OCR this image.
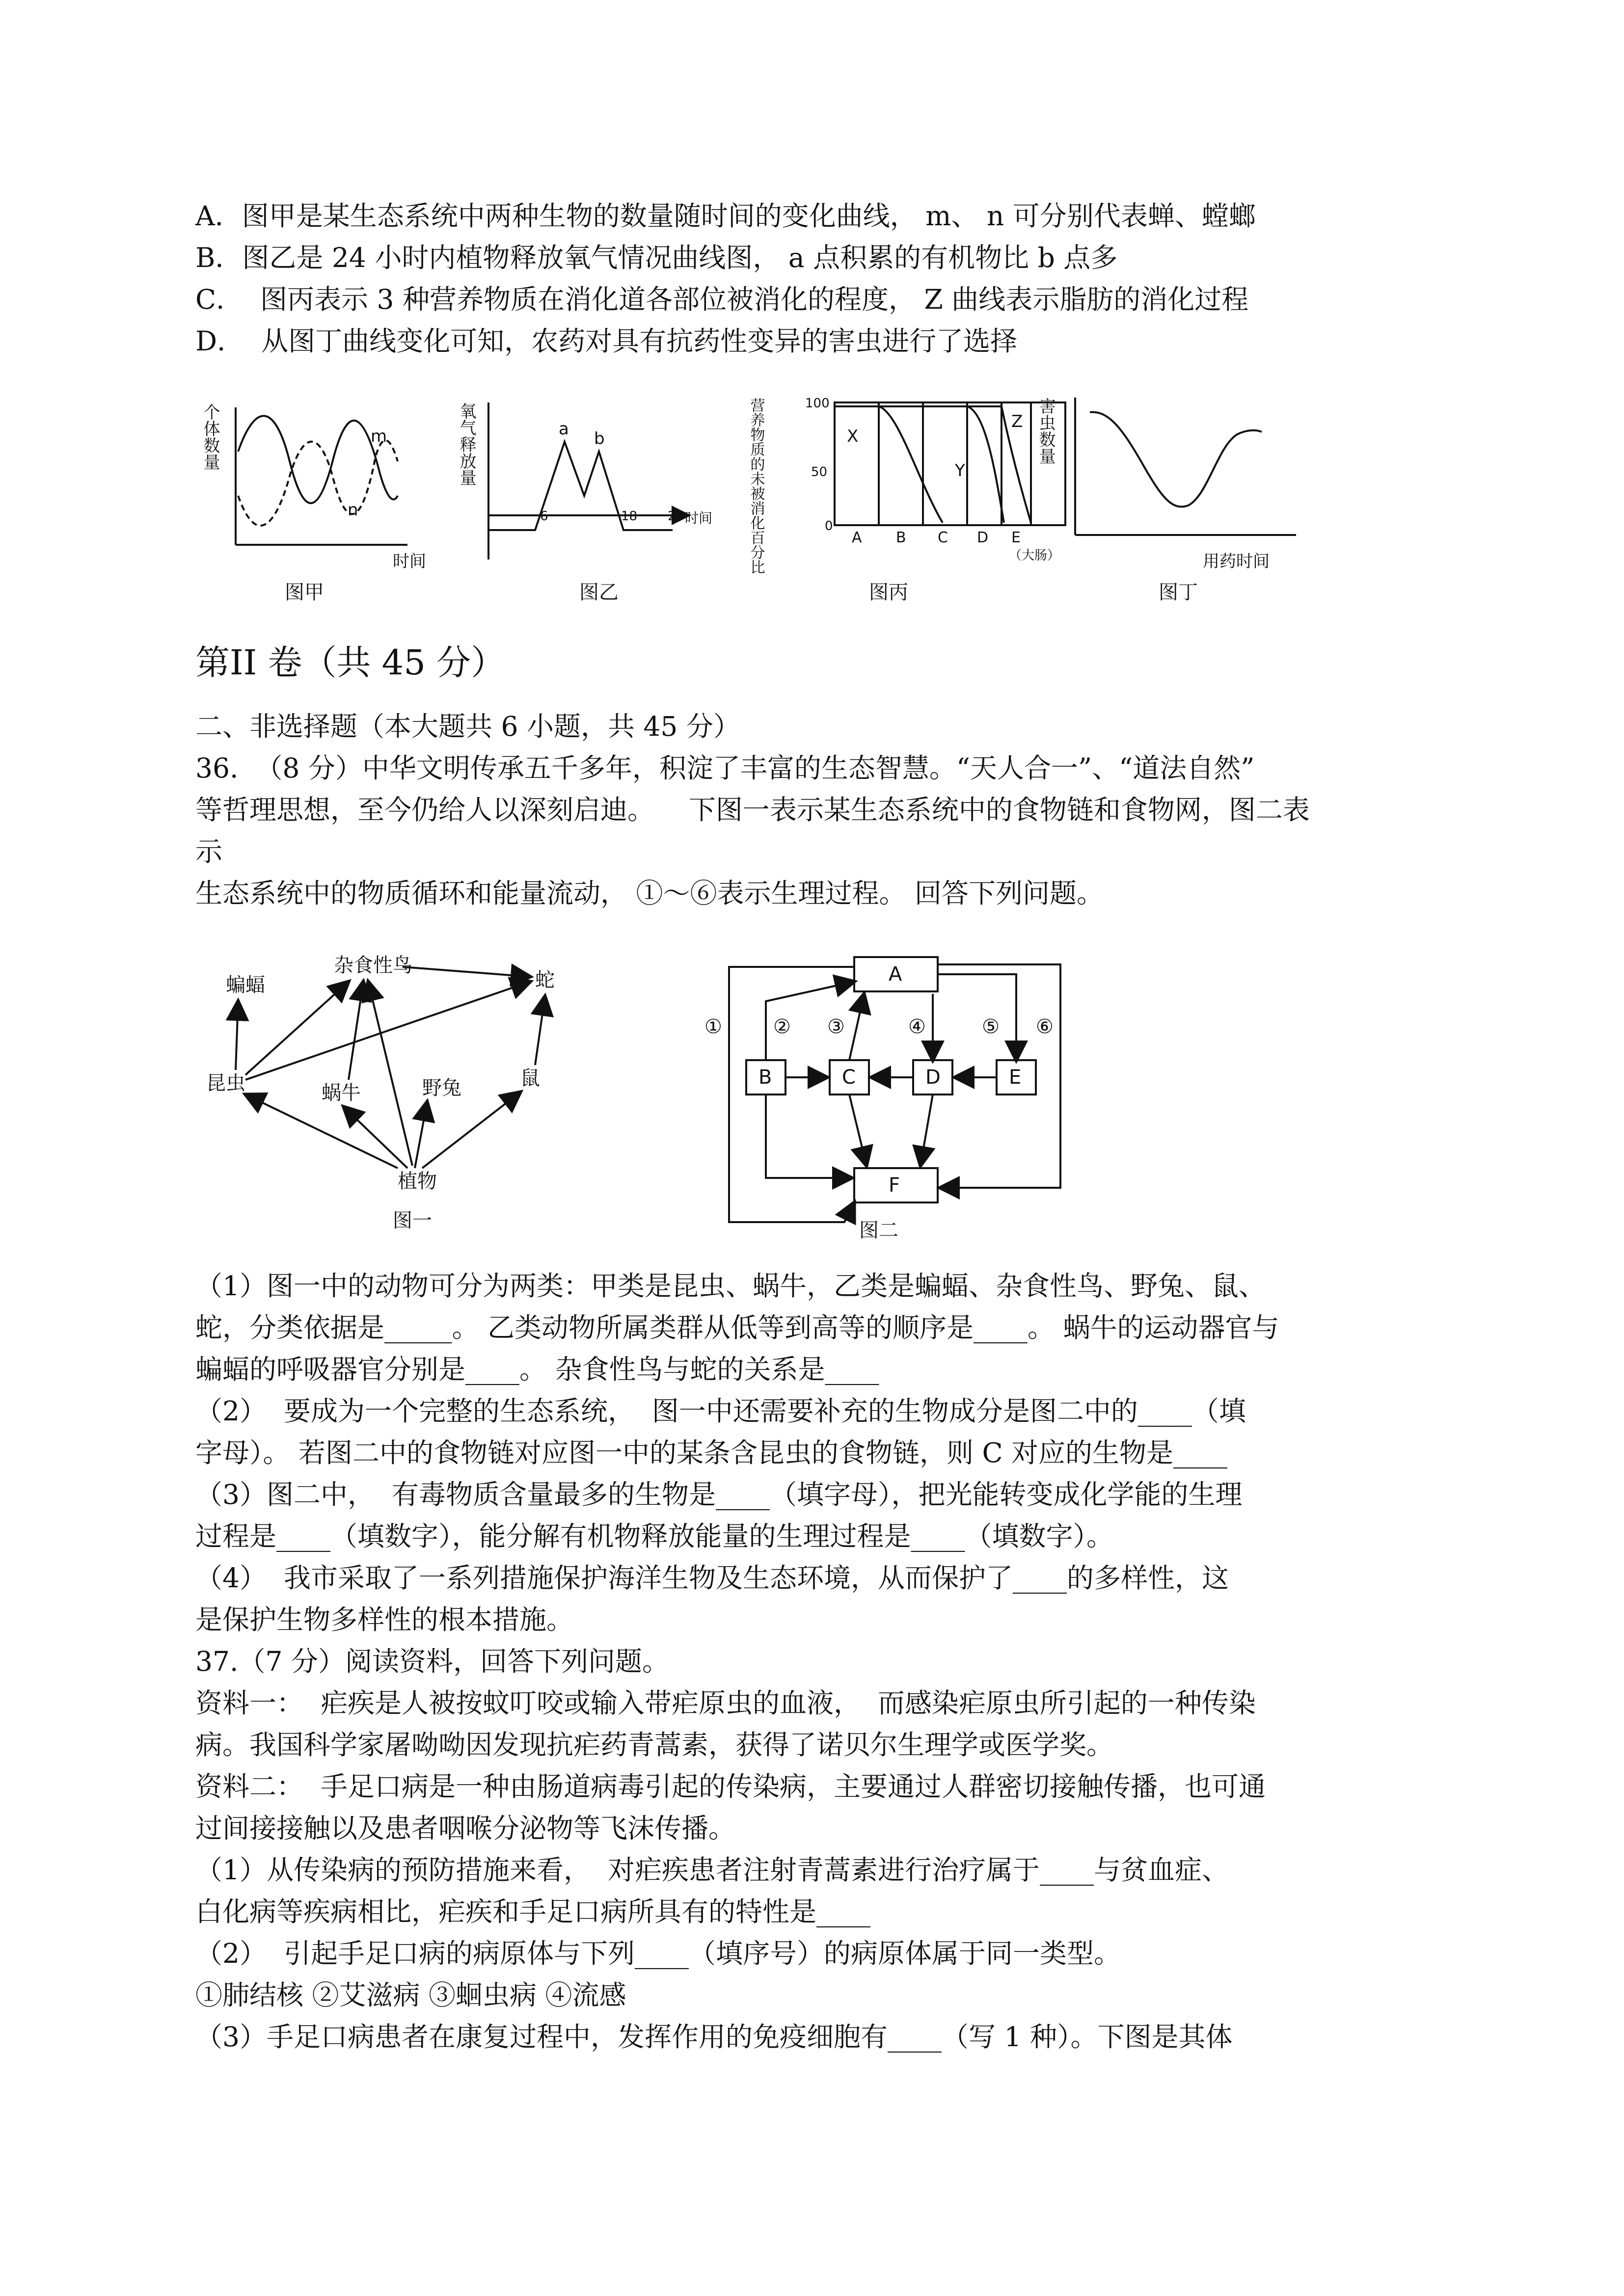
A．图甲是某生态系统中两种生物的数量随时间的变化曲线， m、 n 可分别代表蝉、螳螂
B．图乙是 24 小时内植物释放氧气情况曲线图， a 点积累的有机物比 b 点多
C．  图丙表示 3 种营养物质在消化道各部位被消化的程度， Z 曲线表示脂肪的消化过程
D．  从图丁曲线变化可知，农药对具有抗药性变异的害虫进行了选择
个体数量	m
n
时间
图甲
氧气释放量	a b
6	18 24 时间
图乙
营养物质的未被消化百分比	100
50
0
X
Y
Z
A B C D E
（大肠）
图丙
害虫数量
用药时间
图丁
第II 卷（共 45 分）
二、非选择题（本大题共 6 小题，共 45 分）
36.  （8 分）中华文明传承五千多年，积淀了丰富的生态智慧。“天人合一”、“道法自然”
等哲理思想，至今仍给人以深刻启迪。    下图一表示某生态系统中的食物链和食物网，图二表
示
生态系统中的物质循环和能量流动， ①～⑥表示生理过程。 回答下列问题。
蝙蝠
杂食性鸟
蛇
昆虫	蜗牛	野兔	鼠
植物
图一
A
B	C	D	E
F
①	② ③	④	⑤ ⑥
图二
（1）图一中的动物可分为两类：甲类是昆虫、蜗牛，乙类是蝙蝠、杂食性鸟、野兔、鼠、
蛇，分类依据是_____。 乙类动物所属类群从低等到高等的顺序是____。 蜗牛的运动器官与
蝙蝠的呼吸器官分别是____。 杂食性鸟与蛇的关系是____
（2）  要成为一个完整的生态系统，  图一中还需要补充的生物成分是图二中的____（填
字母）。 若图二中的食物链对应图一中的某条含昆虫的食物链，则 C 对应的生物是____
（3）图二中，  有毒物质含量最多的生物是____（填字母），把光能转变成化学能的生理
过程是____（填数字），能分解有机物释放能量的生理过程是____（填数字）。
（4）  我市采取了一系列措施保护海洋生物及生态环境，从而保护了____的多样性，这
是保护生物多样性的根本措施。
37.（7 分）阅读资料，回答下列问题。
资料一：  疟疾是人被按蚊叮咬或输入带疟原虫的血液，  而感染疟原虫所引起的一种传染
病。我国科学家屠呦呦因发现抗疟药青蒿素，获得了诺贝尔生理学或医学奖。
资料二：  手足口病是一种由肠道病毒引起的传染病，主要通过人群密切接触传播，也可通
过间接接触以及患者咽喉分泌物等飞沫传播。
（1）从传染病的预防措施来看，  对疟疾患者注射青蒿素进行治疗属于____与贫血症、
白化病等疾病相比，疟疾和手足口病所具有的特性是____
（2）  引起手足口病的病原体与下列____（填序号）的病原体属于同一类型。
①肺结核 ②艾滋病 ③蛔虫病 ④流感
（3）手足口病患者在康复过程中，发挥作用的免疫细胞有____（写 1 种）。下图是其体
